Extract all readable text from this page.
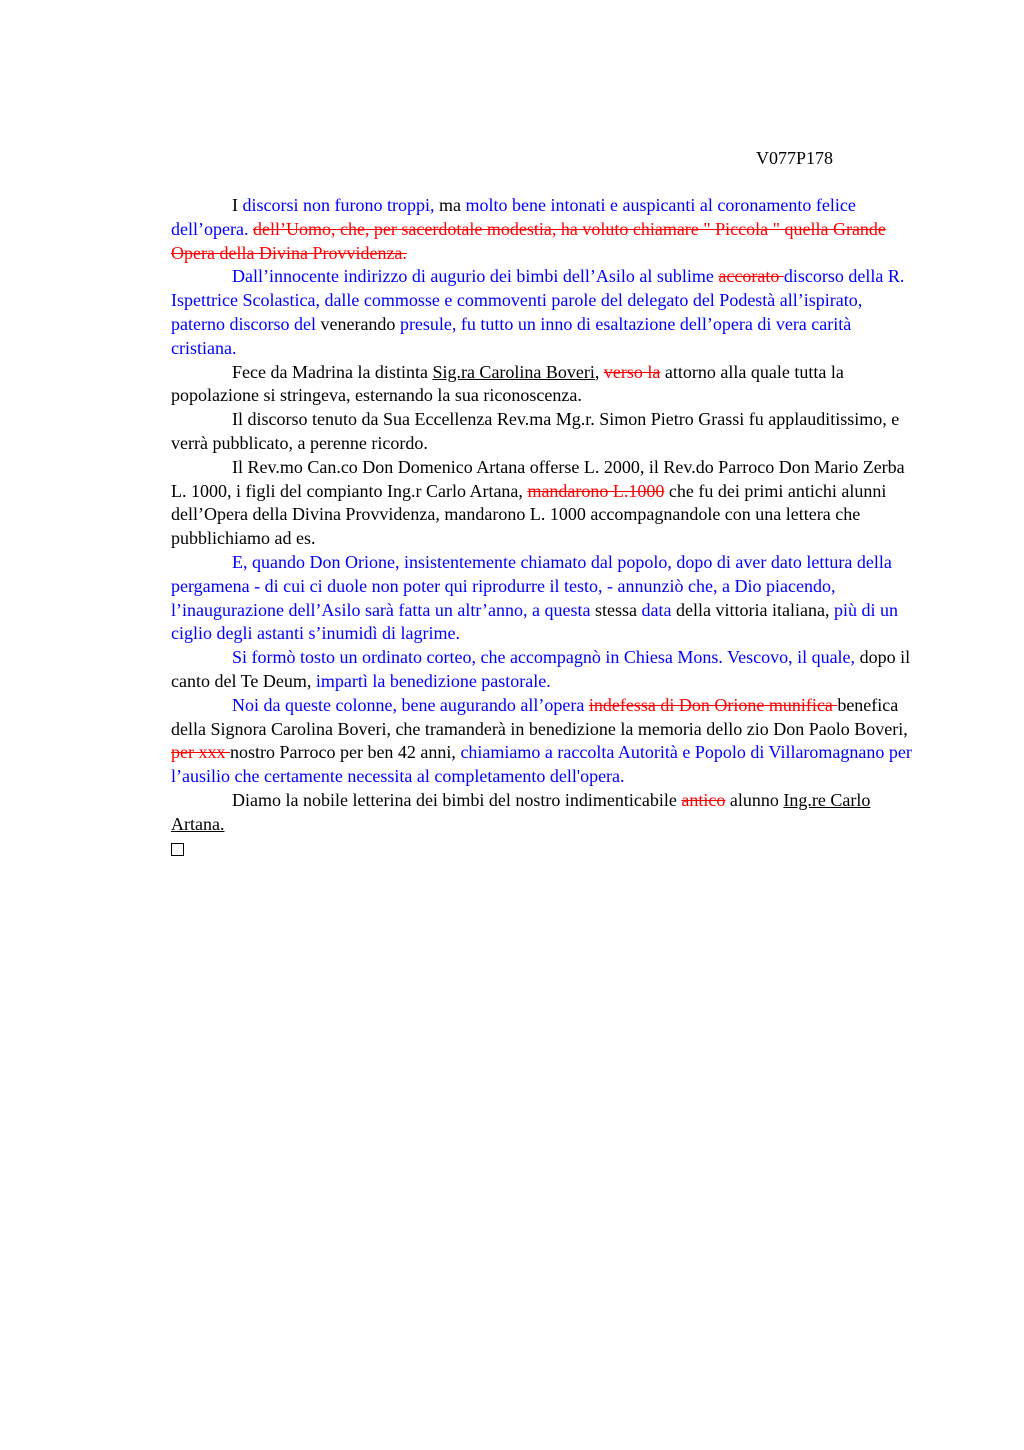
V077P178

I discorsi non furono troppi, ma molto bene intonati e auspicanti al coronamento felice dell’opera. dell’Uomo, che, per sacerdotale modestia, ha voluto chiamare " Piccola " quella Grande Opera della Divina Provvidenza.

Dall’innocente indirizzo di augurio dei bimbi dell’Asilo al sublime accorato discorso della R. Ispettrice Scolastica, dalle commosse e commoventi parole del delegato del Podestà all’ispirato, paterno discorso del venerando presule, fu tutto un inno di esaltazione dell’opera di vera carità cristiana.

Fece da Madrina la distinta Sig.ra Carolina Boveri, verso la attorno alla quale tutta la popolazione si stringeva, esternando la sua riconoscenza.

Il discorso tenuto da Sua Eccellenza Rev.ma Mg.r. Simon Pietro Grassi fu applauditissimo, e verrà pubblicato, a perenne ricordo.

Il Rev.mo Can.co Don Domenico Artana offerse L. 2000, il Rev.do Parroco Don Mario Zerba L. 1000, i figli del compianto Ing.r Carlo Artana, mandarono L.1000 che fu dei primi antichi alunni dell’Opera della Divina Provvidenza, mandarono L. 1000 accompagnandole con una lettera che pubblichiamo ad es.

E, quando Don Orione, insistentemente chiamato dal popolo, dopo di aver dato lettura della pergamena - di cui ci duole non poter qui riprodurre il testo, - annunziò che, a Dio piacendo, l’inaugurazione dell’Asilo sarà fatta un altr’anno, a questa stessa data della vittoria italiana, più di un ciglio degli astanti s’inumidì di lagrime.

Si formò tosto un ordinato corteo, che accompagnò in Chiesa Mons. Vescovo, il quale, dopo il canto del Te Deum, impartì la benedizione pastorale.

Noi da queste colonne, bene augurando all’opera indefessa di Don Orione munifica benefica della Signora Carolina Boveri, che tramanderà in benedizione la memoria dello zio Don Paolo Boveri, per xxx nostro Parroco per ben 42 anni, chiamiamo a raccolta Autorità e Popolo di Villaromagnano per l’ausilio che certamente necessita al completamento dell'opera.

Diamo la nobile letterina dei bimbi del nostro indimenticabile antico alunno Ing.re Carlo Artana.
